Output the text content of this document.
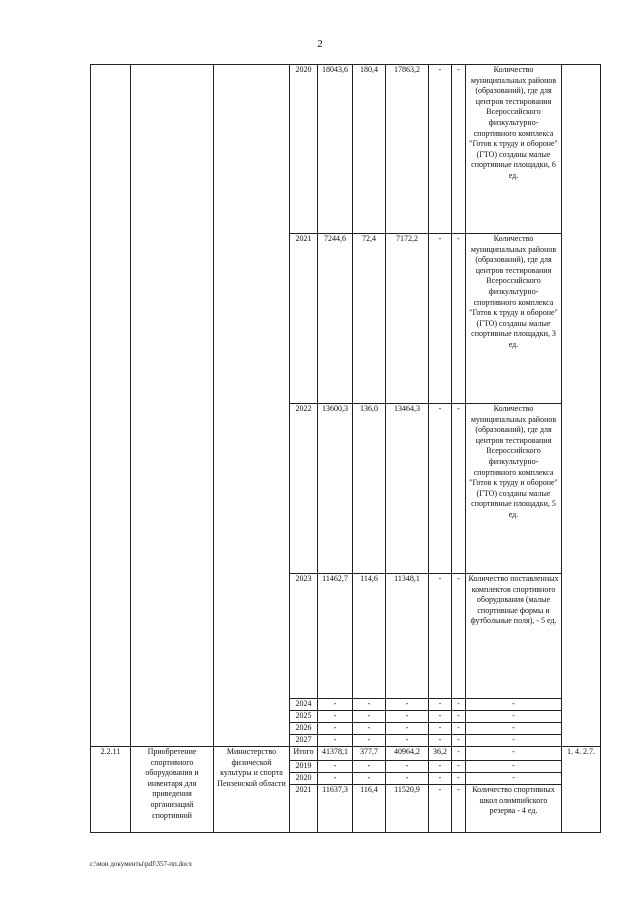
2
			2020	18043,6	180,4	17863,2	-	-	Количество муниципальных районов (образований), где для центров тестирования Всероссийского физкультурно-спортивного комплекса "Готов к труду и обороне" (ГТО) созданы малые спортивные площадки, 6 ед.	
			2021	7244,6	72,4	7172,2	-	-	Количество муниципальных районов (образований), где для центров тестирования Всероссийского физкультурно-спортивного комплекса "Готов к труду и обороне" (ГТО) созданы малые спортивные площадки, 3 ед.	
			2022	13600,3	136,0	13464,3	-	-	Количество муниципальных районов (образований), где для центров тестирования Всероссийского физкультурно-спортивного комплекса "Готов к труду и обороне" (ГТО) созданы малые спортивные площадки, 5 ед.	
			2023	11462,7	114,6	11348,1	-	-	Количество поставленных комплектов спортивного оборудования (малые спортивные формы и футбольные поля), - 5 ед.	
			2024	-	-	-	-	-	-	
			2025	-	-	-	-	-	-	
			2026	-	-	-	-	-	-	
			2027	-	-	-	-	-	-	
2.2.11	Приобретение спортивного оборудования и инвентаря для приведения организаций спортивной	Министерство физической культуры и спорта Пензенской области	Итого	41378,1	377,7	40964,2	36,2	-	-	1. 4. 2.7.
			2019	-	-	-	-	-	-	
			2020	-	-	-	-	-	-	
			2021	11637,3	116,4	11520,9	-	-	Количество спортивных школ олимпийского резерва - 4 ед.	
c:\мои документы\pdf\357-пп.docx
